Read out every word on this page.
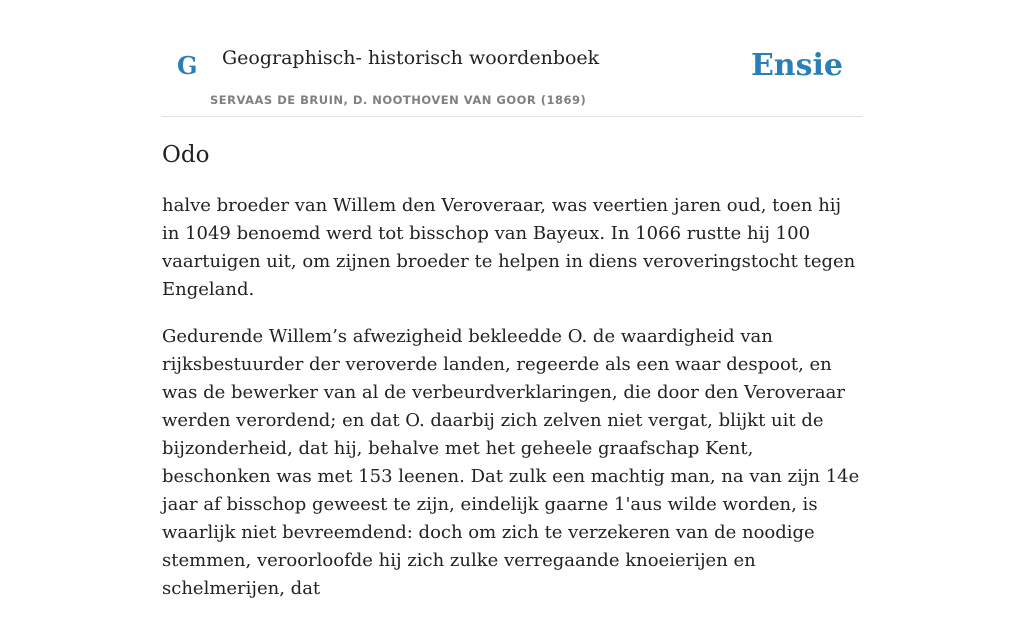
G Geographisch- historisch woordenboek
SERVAAS DE BRUIN, D. NOOTHOVEN VAN GOOR (1869)
Ensie
Odo

halve broeder van Willem den Veroveraar, was veertien jaren oud, toen hij in 1049 benoemd werd tot bisschop van Bayeux. In 1066 rustte hij 100 vaartuigen uit, om zijnen broeder te helpen in diens veroveringstocht tegen Engeland.

Gedurende Willem’s afwezigheid bekleedde O. de waardigheid van rijksbestuurder der veroverde landen, regeerde als een waar despoot, en was de bewerker van al de verbeurdverklaringen, die door den Veroveraar werden verordend; en dat O. daarbij zich zelven niet vergat, blijkt uit de bijzonderheid, dat hij, behalve met het geheele graafschap Kent, beschonken was met 153 leenen. Dat zulk een machtig man, na van zijn 14e jaar af bisschop geweest te zijn, eindelijk gaarne 1'aus wilde worden, is waarlijk niet bevreemdend: doch om zich te verzekeren van de noodige stemmen, veroorloofde hij zich zulke verregaande knoeierijen en schelmerijen, dat
